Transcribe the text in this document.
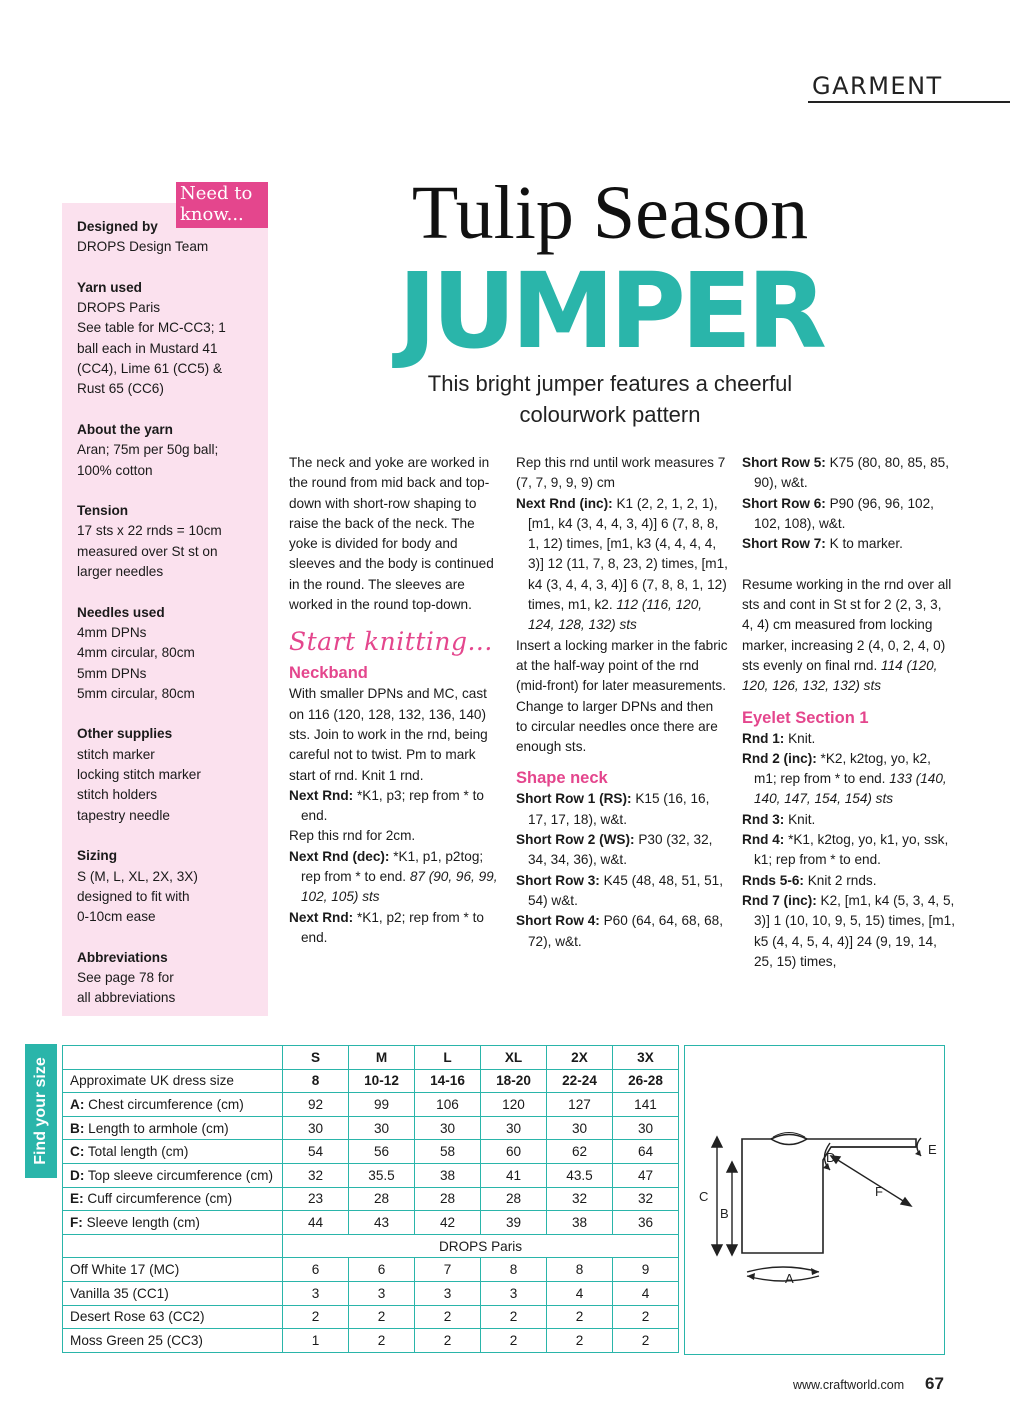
GARMENT
Designed by
DROPS Design Team
Yarn used
DROPS Paris
See table for MC-CC3; 1
ball each in Mustard 41
(CC4), Lime 61 (CC5) &
Rust 65 (CC6)
About the yarn
Aran; 75m per 50g ball;
100% cotton
Tension
17 sts x 22 rnds = 10cm
measured over St st on
larger needles
Needles used
4mm DPNs
4mm circular, 80cm
5mm DPNs
5mm circular, 80cm
Other supplies
stitch marker
locking stitch marker
stitch holders
tapestry needle
Sizing
S (M, L, XL, 2X, 3X)
designed to fit with
0-10cm ease
Abbreviations
See page 78 for
all abbreviations
Need to
know...	Tulip Season
JUMPER
This bright jumper features a cheerful
colourwork pattern

The neck and yoke are worked in the round from mid back and top-down with short-row shaping to raise the back of the neck. The yoke is divided for body and sleeves and the body is continued in the round. The sleeves are worked in the round top-down.

Start knitting...

Neckband

With smaller DPNs and MC, cast on 116 (120, 128, 132, 136, 140) sts. Join to work in the rnd, being careful not to twist. Pm to mark start of rnd. Knit 1 rnd.

Next Rnd: *K1, p3; rep from * to end.

Rep this rnd for 2cm.

Next Rnd (dec): *K1, p1, p2tog; rep from * to end. 87 (90, 96, 99, 102, 105) sts

Next Rnd: *K1, p2; rep from * to end.

Rep this rnd until work measures 7 (7, 7, 9, 9, 9) cm

Next Rnd (inc): K1 (2, 2, 1, 2, 1), [m1, k4 (3, 4, 4, 3, 4)] 6 (7, 8, 8, 1, 12) times, [m1, k3 (4, 4, 4, 4, 3)] 12 (11, 7, 8, 23, 2) times, [m1, k4 (3, 4, 4, 3, 4)] 6 (7, 8, 8, 1, 12) times, m1, k2. 112 (116, 120, 124, 128, 132) sts

Insert a locking marker in the fabric at the half-way point of the rnd (mid-front) for later measurements. Change to larger DPNs and then to circular needles once there are enough sts.

Shape neck

Short Row 1 (RS): K15 (16, 16, 17, 17, 18), w&t.

Short Row 2 (WS): P30 (32, 32, 34, 34, 36), w&t.

Short Row 3: K45 (48, 48, 51, 51, 54) w&t.

Short Row 4: P60 (64, 64, 68, 68, 72), w&t.

Short Row 5: K75 (80, 80, 85, 85, 90), w&t.

Short Row 6: P90 (96, 96, 102, 102, 108), w&t.

Short Row 7: K to marker.

Resume working in the rnd over all sts and cont in St st for 2 (2, 3, 3, 4, 4) cm measured from locking marker, increasing 2 (4, 0, 2, 4, 0) sts evenly on final rnd. 114 (120, 120, 126, 132, 132) sts

Eyelet Section 1

Rnd 1: Knit.

Rnd 2 (inc): *K2, k2tog, yo, k2, m1; rep from * to end. 133 (140, 140, 147, 154, 154) sts

Rnd 3: Knit.

Rnd 4: *K1, k2tog, yo, k1, yo, ssk, k1; rep from * to end.

Rnds 5-6: Knit 2 rnds.

Rnd 7 (inc): K2, [m1, k4 (5, 3, 4, 5, 3)] 1 (10, 10, 9, 5, 15) times, [m1, k5 (4, 4, 5, 4, 4)] 24 (9, 19, 14, 25, 15) times,

Find your size
		S	M	L	XL	2X	3X
Approximate UK dress size	8	10-12	14-16	18-20	22-24	26-28
A: Chest circumference (cm)	92	99	106	120	127	141
B: Length to armhole (cm)	30	30	30	30	30	30
C: Total length (cm)	54	56	58	60	62	64
D: Top sleeve circumference (cm)	32	35.5	38	41	43.5	47
E: Cuff circumference (cm)	23	28	28	28	32	32
F: Sleeve length (cm)	44	43	42	39	38	36
	DROPS Paris					
Off White 17 (MC)	6	6	7	8	8	9
Vanilla 35 (CC1)	3	3	3	3	4	4
Desert Rose 63 (CC2)	2	2	2	2	2	2
Moss Green 25 (CC3)	1	2	2	2	2	2
C
B
D
E
F
A
www.craftworld.com 67
